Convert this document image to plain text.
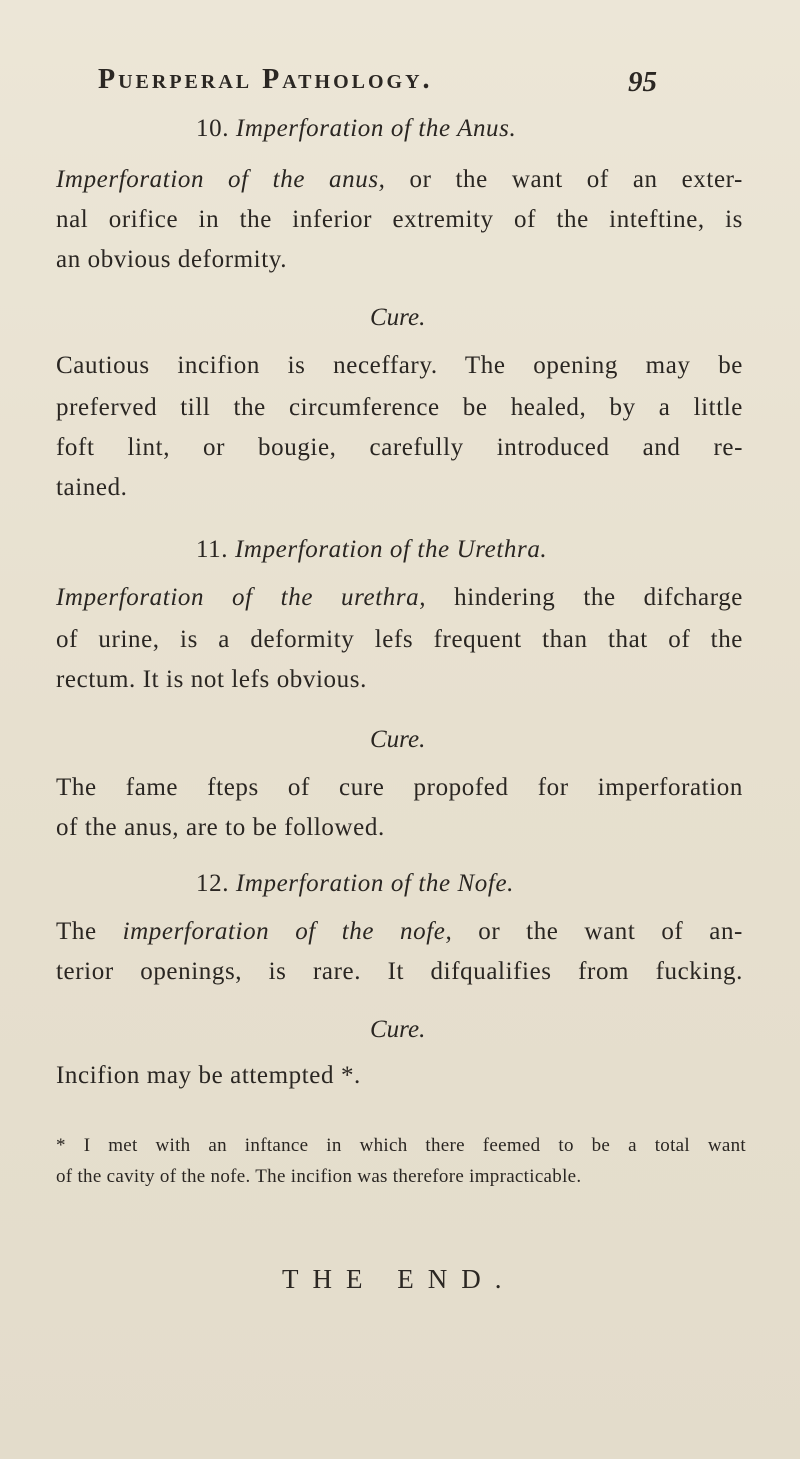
Puerperal Pathology.	95
10. Imperforation of the Anus.
Imperforation of the anus, or the want of an exter-
nal orifice in the inferior extremity of the inteftine, is
an obvious deformity.
Cure.
Cautious incifion is neceffary. The opening may be
preferved till the circumference be healed, by a little
foft lint, or bougie, carefully introduced and re-
tained.
11. Imperforation of the Urethra.
Imperforation of the urethra, hindering the difcharge
of urine, is a deformity lefs frequent than that of the
rectum. It is not lefs obvious.
Cure.
The fame fteps of cure propofed for imperforation
of the anus, are to be followed.
12. Imperforation of the Nofe.
The imperforation of the nofe, or the want of an-
terior openings, is rare. It difqualifies from fucking.
Cure.
Incifion may be attempted *.
* I met with an inftance in which there feemed to be a total want
of the cavity of the nofe. The incifion was therefore impracticable.
THE END.
